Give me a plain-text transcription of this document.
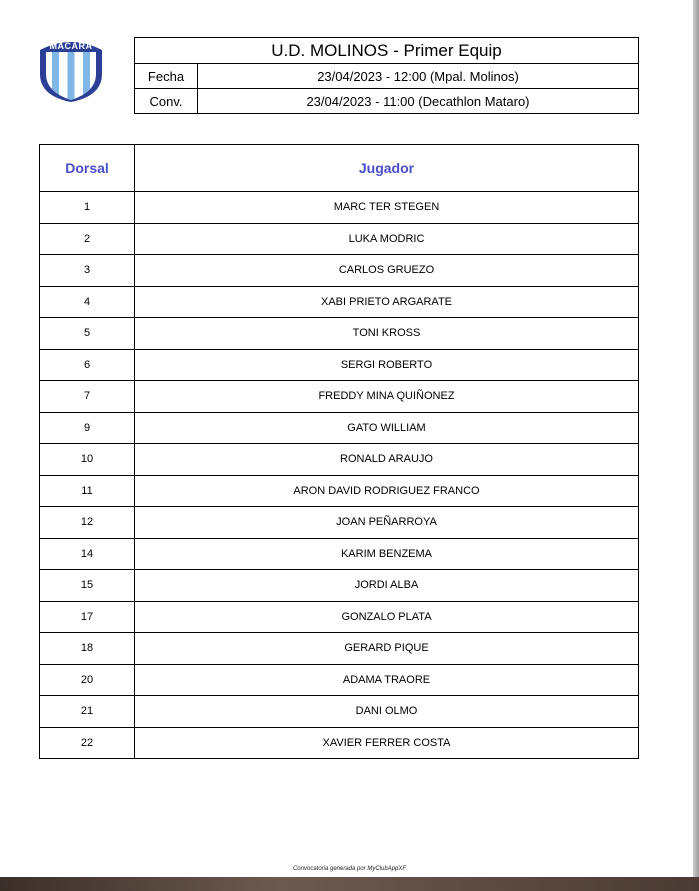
MACARA	U.D. MOLINOS - Primer Equip	
Fecha	23/04/2023 - 12:00 (Mpal. Molinos)
Conv.	23/04/2023 - 11:00 (Decathlon Mataro)
Dorsal	Jugador
1	MARC TER STEGEN
2	LUKA MODRIC
3	CARLOS GRUEZO
4	XABI PRIETO ARGARATE
5	TONI KROSS
6	SERGI ROBERTO
7	FREDDY MINA QUIÑONEZ
9	GATO WILLIAM
10	RONALD ARAUJO
11	ARON DAVID RODRIGUEZ FRANCO
12	JOAN PEÑARROYA
14	KARIM BENZEMA
15	JORDI ALBA
17	GONZALO PLATA
18	GERARD PIQUE
20	ADAMA TRAORE
21	DANI OLMO
22	XAVIER FERRER COSTA
Convocatoria generada por MyClubAppXF
